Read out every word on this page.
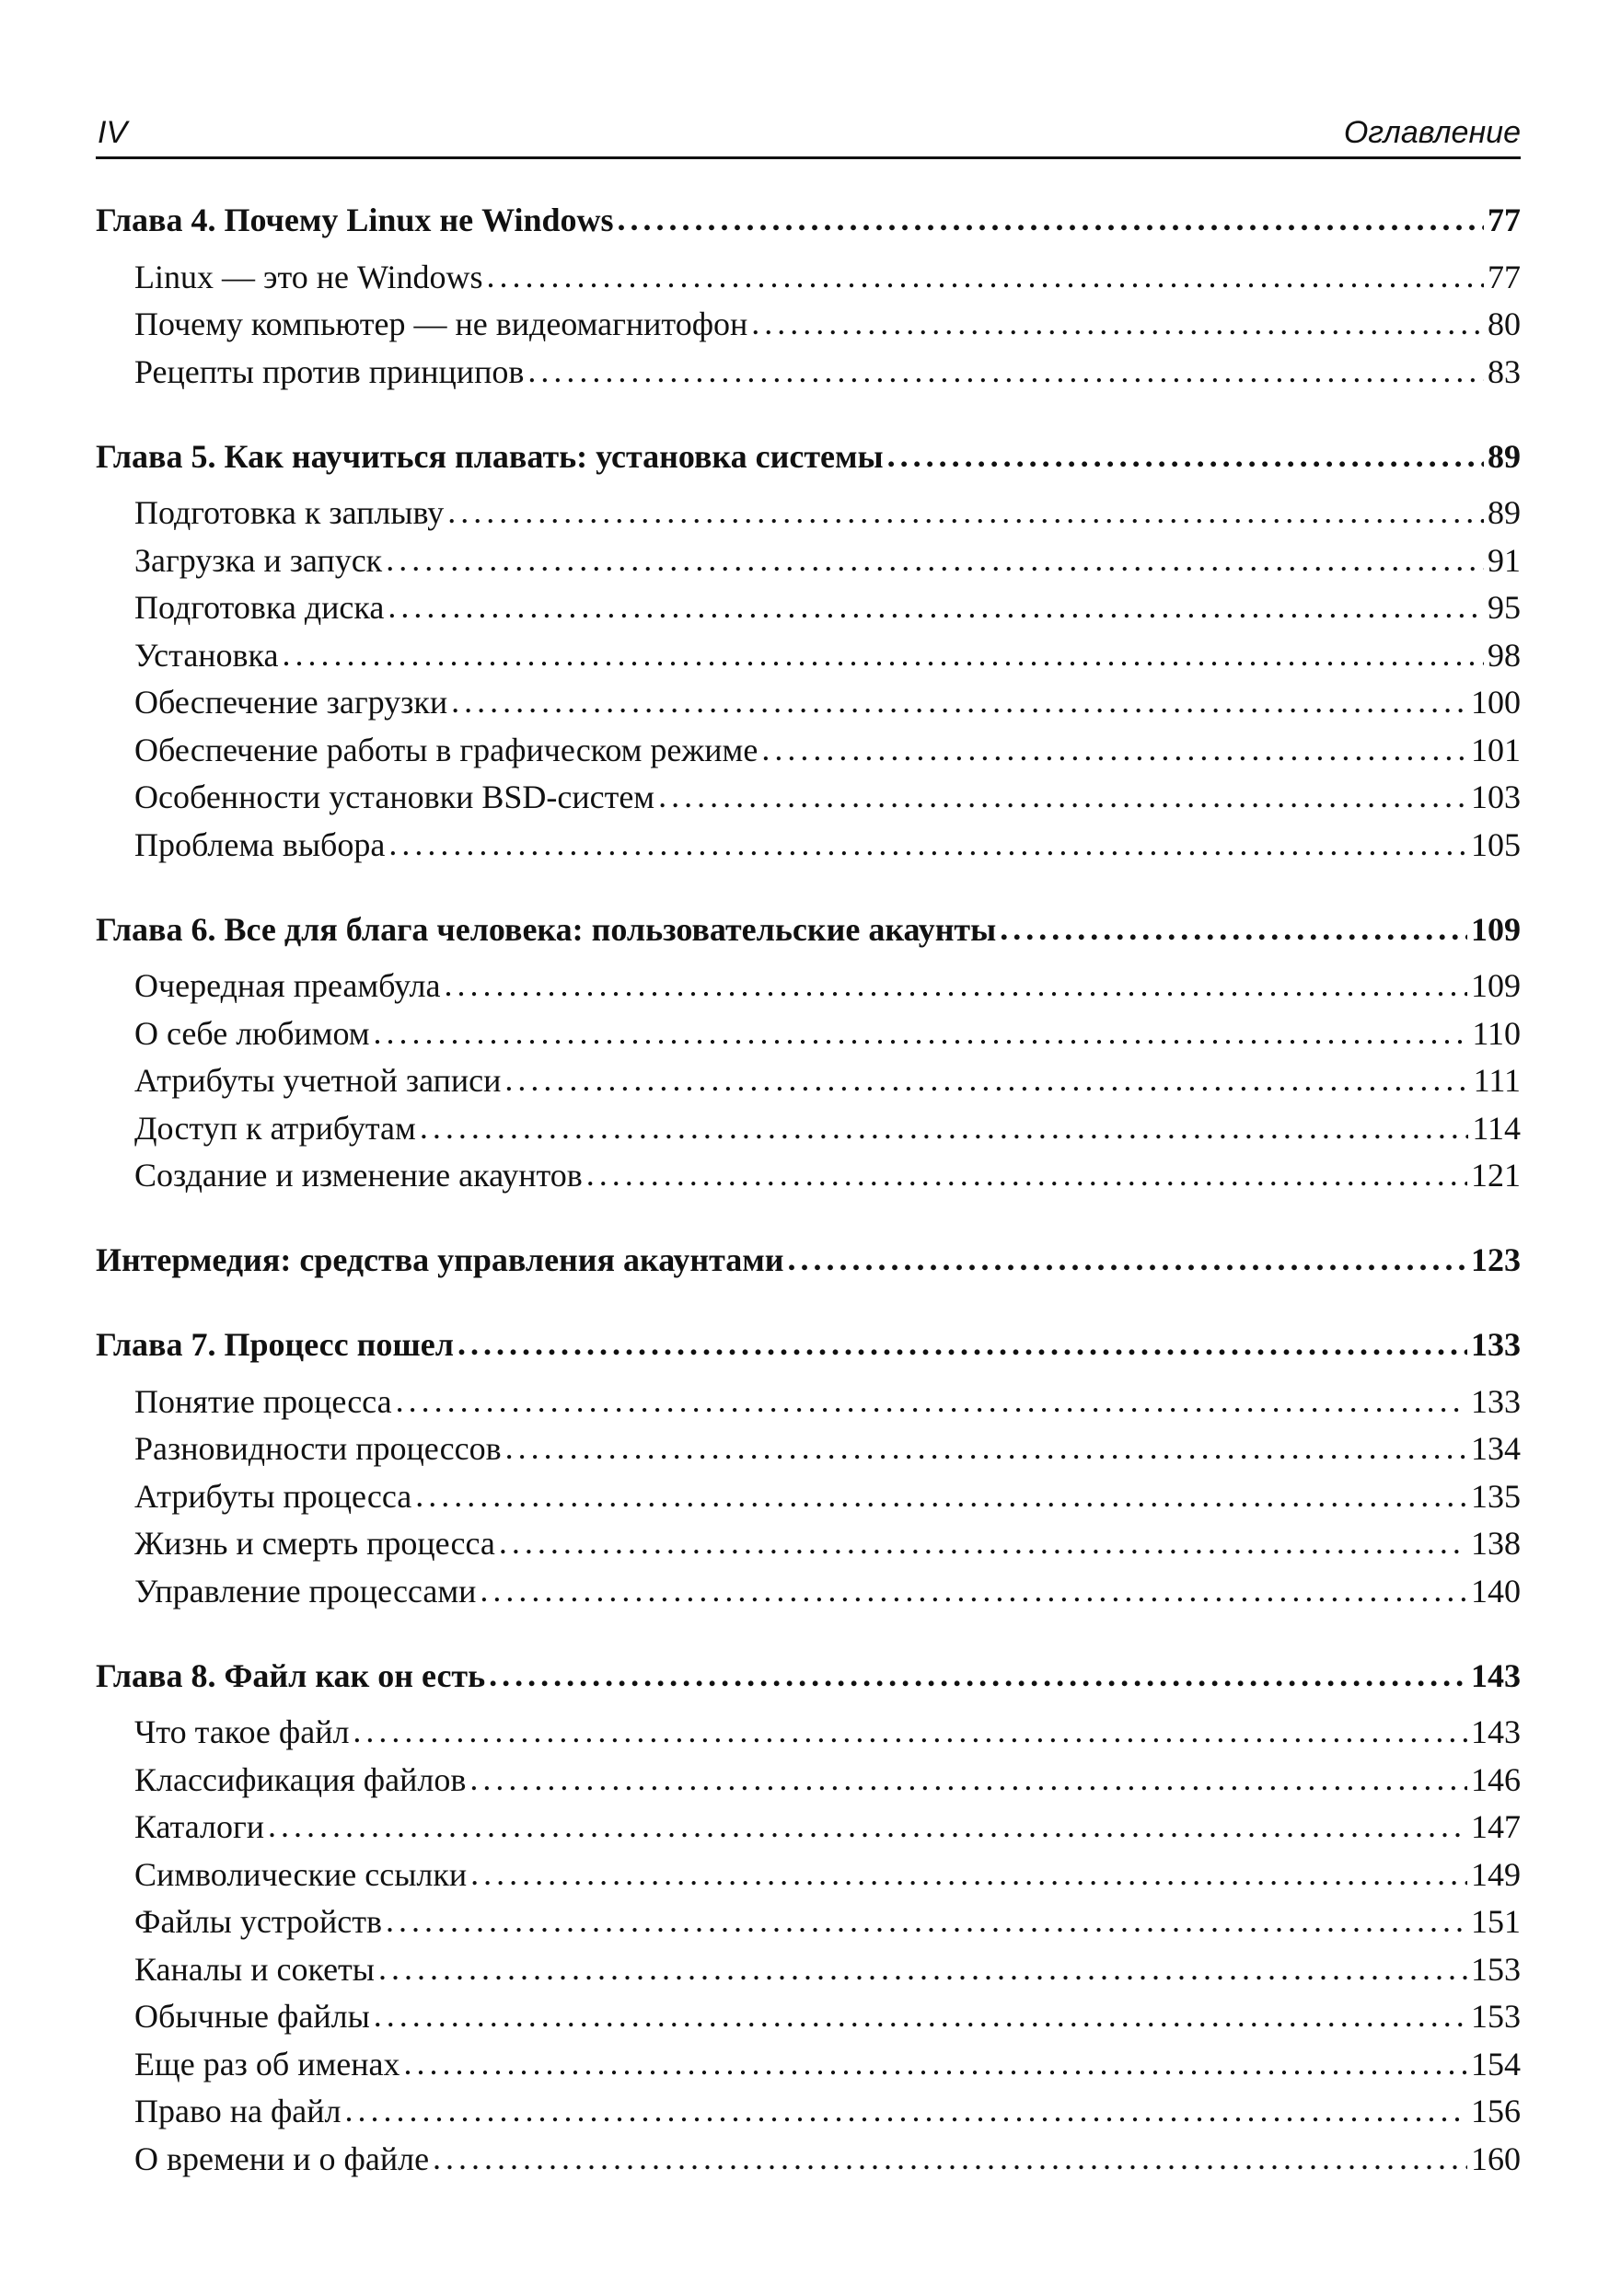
IV	Оглавление
Глава 4. Почему Linux не Windows . . .	77
Linux — это не Windows . . .	77
Почему компьютер — не видеомагнитофон . . .	80
Рецепты против принципов . . .	83
Глава 5. Как научиться плавать: установка системы . . .	89
Подготовка к заплыву . . .	89
Загрузка и запуск . . .	91
Подготовка диска . . .	95
Установка . . .	98
Обеспечение загрузки . . .	100
Обеспечение работы в графическом режиме . . .	101
Особенности установки BSD-систем . . .	103
Проблема выбора . . .	105
Глава 6. Все для блага человека: пользовательские акаунты . . .	109
Очередная преамбула . . .	109
О себе любимом . . .	110
Атрибуты учетной записи . . .	111
Доступ к атрибутам . . .	114
Создание и изменение акаунтов . . .	121
Интермедия: средства управления акаунтами . . .	123
Глава 7. Процесс пошел . . .	133
Понятие процесса . . .	133
Разновидности процессов . . .	134
Атрибуты процесса . . .	135
Жизнь и смерть процесса . . .	138
Управление процессами . . .	140
Глава 8. Файл как он есть . . .	143
Что такое файл . . .	143
Классификация файлов . . .	146
Каталоги . . .	147
Символические ссылки . . .	149
Файлы устройств . . .	151
Каналы и сокеты . . .	153
Обычные файлы . . .	153
Еще раз об именах . . .	154
Право на файл . . .	156
О времени и о файле . . .	160
